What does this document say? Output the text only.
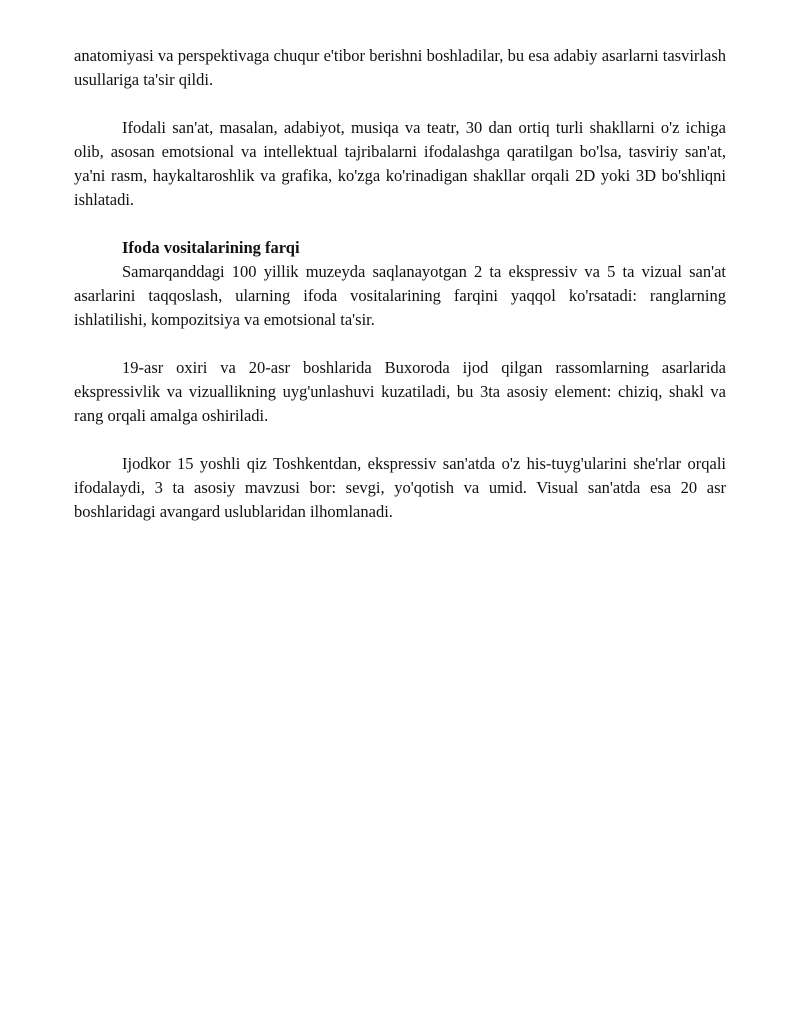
anatomiyasi va perspektivaga chuqur e'tibor berishni boshladilar, bu esa adabiy asarlarni tasvirlash usullariga ta'sir qildi.

Ifodali san'at, masalan, adabiyot, musiqa va teatr, 30 dan ortiq turli shakllarni o'z ichiga olib, asosan emotsional va intellektual tajribalarni ifodalashga qaratilgan bo'lsa, tasviriy san'at, ya'ni rasm, haykaltaroshlik va grafika, ko'zga ko'rinadigan shakllar orqali 2D yoki 3D bo'shliqni ishlatadi.

Ifoda vositalarining farqi

Samarqanddagi 100 yillik muzeyda saqlanayotgan 2 ta ekspressiv va 5 ta vizual san'at asarlarini taqqoslash, ularning ifoda vositalarining farqini yaqqol ko'rsatadi: ranglarning ishlatilishi, kompozitsiya va emotsional ta'sir.

19-asr oxiri va 20-asr boshlarida Buxoroda ijod qilgan rassomlarning asarlarida ekspressivlik va vizuallikning uyg'unlashuvi kuzatiladi, bu 3ta asosiy element: chiziq, shakl va rang orqali amalga oshiriladi.

Ijodkor 15 yoshli qiz Toshkentdan, ekspressiv san'atda o'z his-tuyg'ularini she'rlar orqali ifodalaydi, 3 ta asosiy mavzusi bor: sevgi, yo'qotish va umid. Visual san'atda esa 20 asr boshlaridagi avangard uslublaridan ilhomlanadi.
